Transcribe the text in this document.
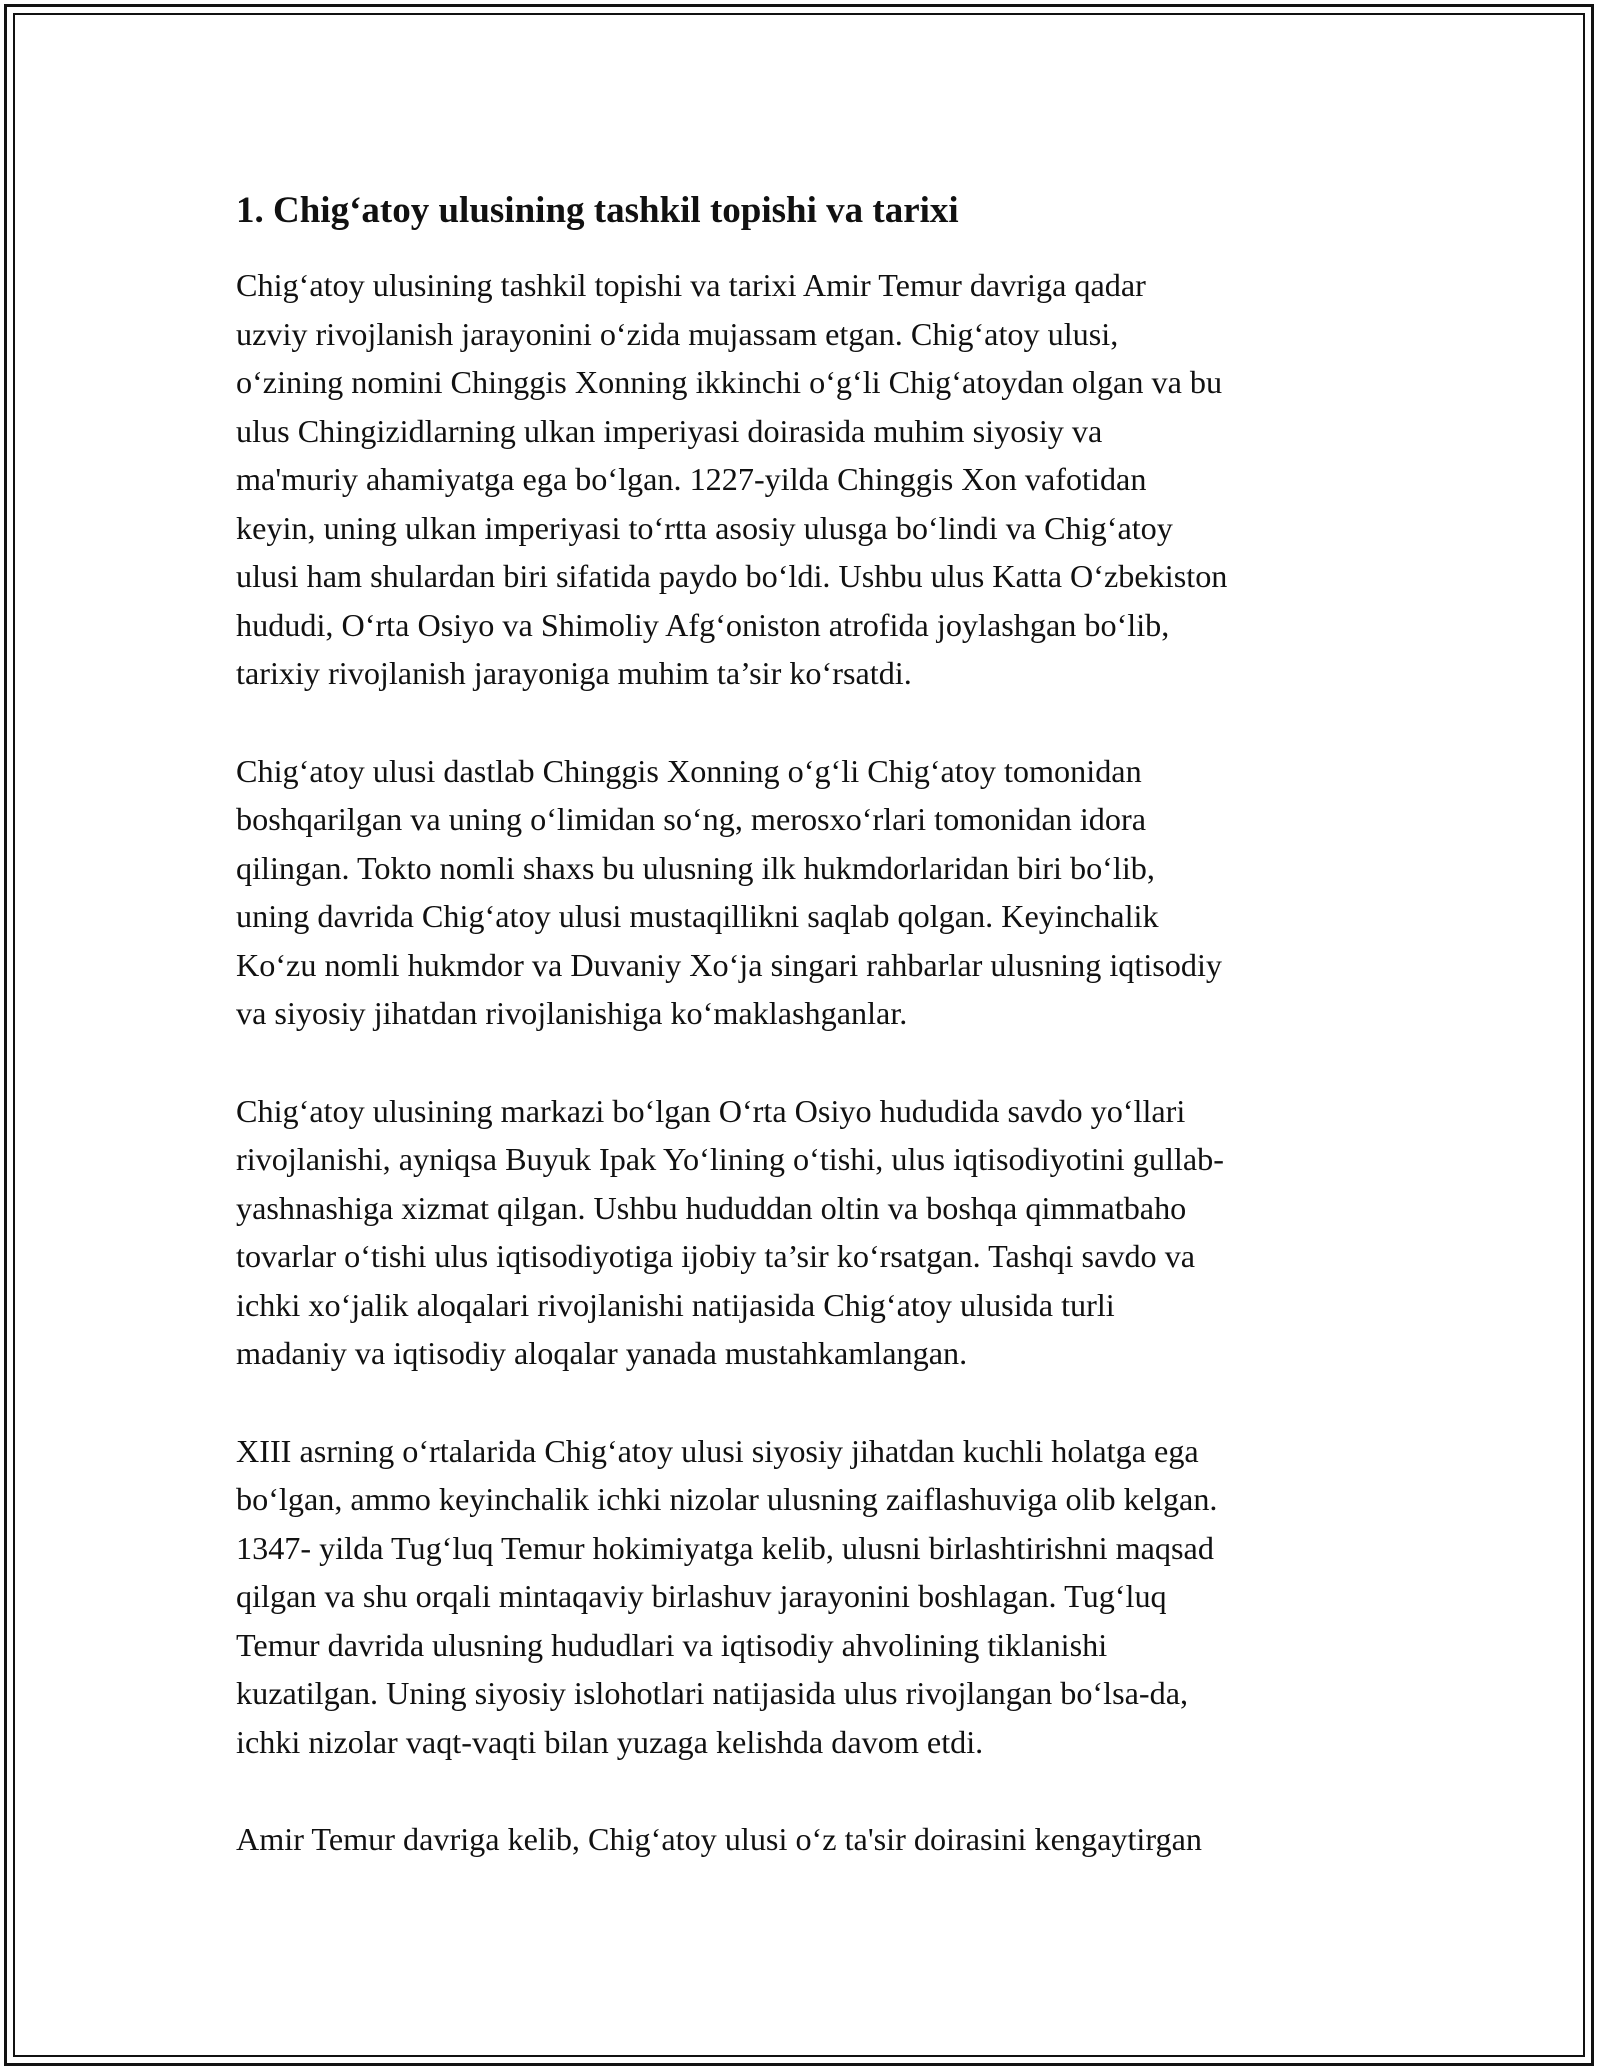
1. Chig‘atoy ulusining tashkil topishi va tarixi
Chig‘atoy ulusining tashkil topishi va tarixi Amir Temur davriga qadar
uzviy rivojlanish jarayonini o‘zida mujassam etgan. Chig‘atoy ulusi,
o‘zining nomini Chinggis Xonning ikkinchi o‘g‘li Chig‘atoydan olgan va bu
ulus Chingizidlarning ulkan imperiyasi doirasida muhim siyosiy va
ma'muriy ahamiyatga ega bo‘lgan. 1227-yilda Chinggis Xon vafotidan
keyin, uning ulkan imperiyasi to‘rtta asosiy ulusga bo‘lindi va Chig‘atoy
ulusi ham shulardan biri sifatida paydo bo‘ldi. Ushbu ulus Katta O‘zbekiston
hududi, O‘rta Osiyo va Shimoliy Afg‘oniston atrofida joylashgan bo‘lib,
tarixiy rivojlanish jarayoniga muhim ta’sir ko‘rsatdi.
Chig‘atoy ulusi dastlab Chinggis Xonning o‘g‘li Chig‘atoy tomonidan
boshqarilgan va uning o‘limidan so‘ng, merosxo‘rlari tomonidan idora
qilingan. Tokto nomli shaxs bu ulusning ilk hukmdorlaridan biri bo‘lib,
uning davrida Chig‘atoy ulusi mustaqillikni saqlab qolgan. Keyinchalik
Ko‘zu nomli hukmdor va Duvaniy Xo‘ja singari rahbarlar ulusning iqtisodiy
va siyosiy jihatdan rivojlanishiga ko‘maklashganlar.
Chig‘atoy ulusining markazi bo‘lgan O‘rta Osiyo hududida savdo yo‘llari
rivojlanishi, ayniqsa Buyuk Ipak Yo‘lining o‘tishi, ulus iqtisodiyotini gullab-
yashnashiga xizmat qilgan. Ushbu hududdan oltin va boshqa qimmatbaho
tovarlar o‘tishi ulus iqtisodiyotiga ijobiy ta’sir ko‘rsatgan. Tashqi savdo va
ichki xo‘jalik aloqalari rivojlanishi natijasida Chig‘atoy ulusida turli
madaniy va iqtisodiy aloqalar yanada mustahkamlangan.
XIII asrning o‘rtalarida Chig‘atoy ulusi siyosiy jihatdan kuchli holatga ega
bo‘lgan, ammo keyinchalik ichki nizolar ulusning zaiflashuviga olib kelgan.
1347- yilda Tug‘luq Temur hokimiyatga kelib, ulusni birlashtirishni maqsad
qilgan va shu orqali mintaqaviy birlashuv jarayonini boshlagan. Tug‘luq
Temur davrida ulusning hududlari va iqtisodiy ahvolining tiklanishi
kuzatilgan. Uning siyosiy islohotlari natijasida ulus rivojlangan bo‘lsa-da,
ichki nizolar vaqt-vaqti bilan yuzaga kelishda davom etdi.
Amir Temur davriga kelib, Chig‘atoy ulusi o‘z ta'sir doirasini kengaytirgan
